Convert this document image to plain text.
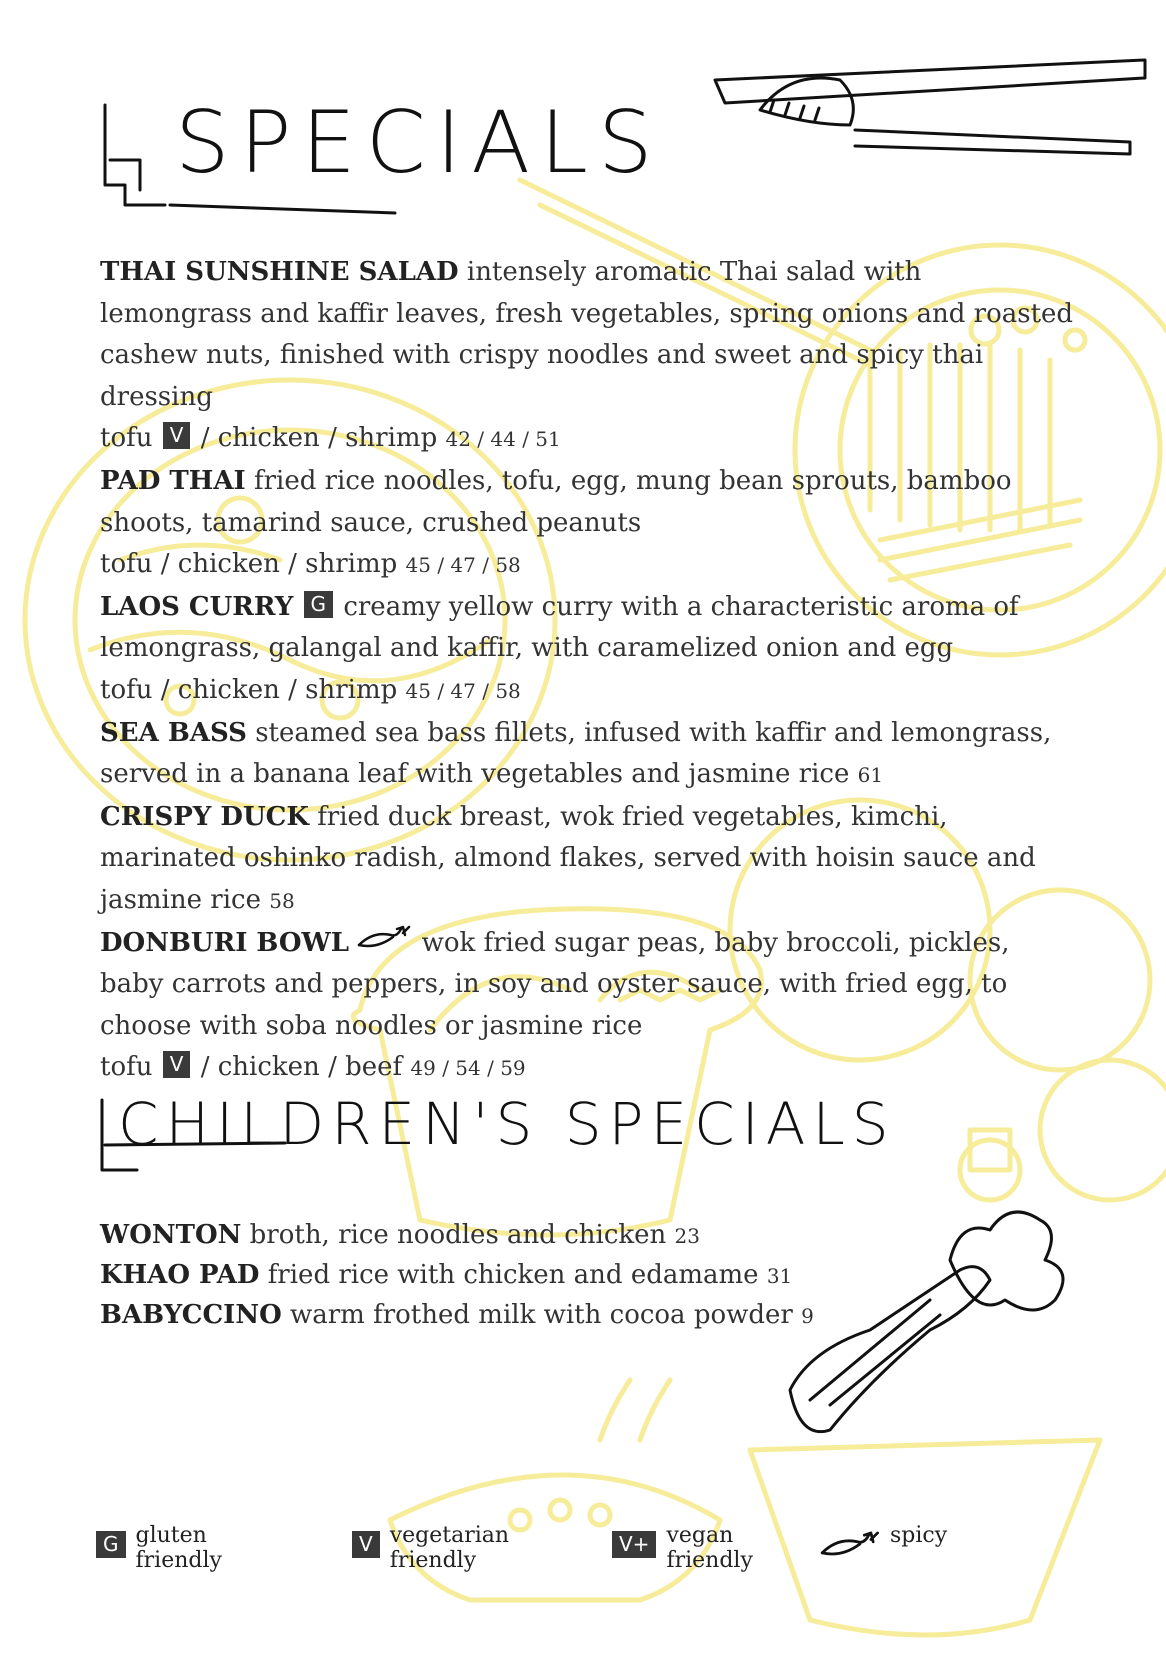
SPECIALS

THAI SUNSHINE SALAD intensely aromatic Thai salad with lemongrass and kaffir leaves, fresh vegetables, spring onions and roasted cashew nuts, finished with crispy noodles and sweet and spicy thai dressing
tofu V / chicken / shrimp 42 / 44 / 51

PAD THAI fried rice noodles, tofu, egg, mung bean sprouts, bamboo shoots, tamarind sauce, crushed peanuts
tofu / chicken / shrimp 45 / 47 / 58

LAOS CURRY G creamy yellow curry with a characteristic aroma of lemongrass, galangal and kaffir, with caramelized onion and egg
tofu / chicken / shrimp 45 / 47 / 58

SEA BASS steamed sea bass fillets, infused with kaffir and lemongrass, served in a banana leaf with vegetables and jasmine rice 61

CRISPY DUCK fried duck breast, wok fried vegetables, kimchi, marinated oshinko radish, almond flakes, served with hoisin sauce and jasmine rice 58

DONBURI BOWL	wok fried sugar peas, baby broccoli, pickles, baby carrots and peppers, in soy and oyster sauce, with fried egg, to choose with soba noodles or jasmine rice
tofu V / chicken / beef 49 / 54 / 59

CHILDREN'S SPECIALS

WONTON broth, rice noodles and chicken 23

KHAO PAD fried rice with chicken and edamame 31

BABYCCINO warm frothed milk with cocoa powder 9

G gluten friendly
V vegetarian friendly
V+ vegan friendly
spicy
